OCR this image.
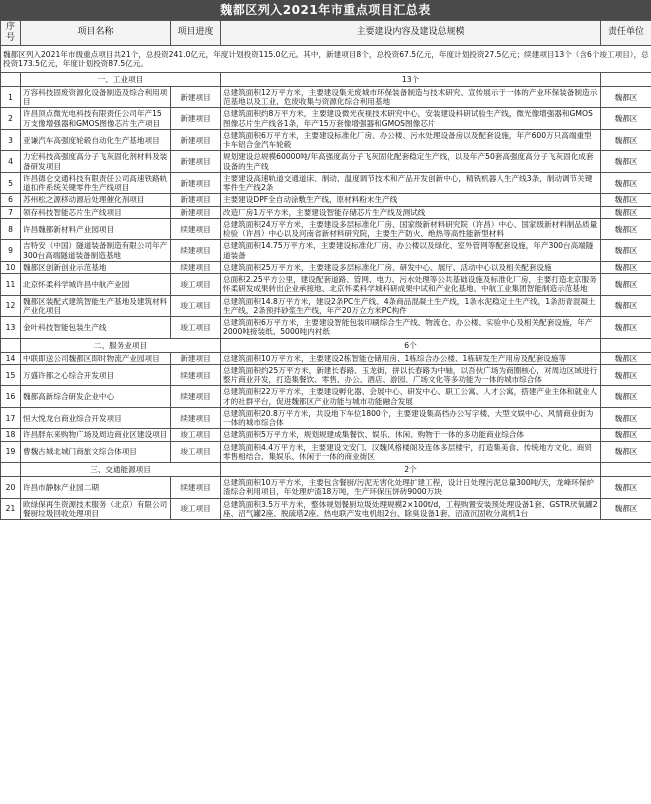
魏都区列入2021年市重点项目汇总表
序号	项目名称	项目进度	主要建设内容及建设总规模	责任单位
魏都区列入2021年市级重点项目共21个，总投资241.0亿元，年度计划投资115.0亿元。其中，新建项目8个，总投资67.5亿元，年度计划投资27.5亿元；续建项目13个（含6个竣工项目），总投资173.5亿元，年度计划投资87.5亿元。				
	一、工业项目		13个	
1	万容科技固废资源化设备制造及综合利用项目	新建项目	总建筑面积12万平方米，主要建设集无废城市环保装备制造与技术研究、宣传展示于一体的产业环保装备制造示范基地以及工业、危废收集与资源化综合利用基地	魏都区
2	许昌顶点微光电科技有限责任公司年产15万支像增强器和GMOS图像芯片生产项目	新建项目	总建筑面积约8万平方米，主要建设微光夜视技术研究中心，安装建设科研试验生产线，微光像增强器和GMOS图像芯片生产线各1条，年产15万套像增强器和GMOS图像芯片	魏都区
3	亚谦汽车高强度轮毂自动化生产基地项目	新建项目	总建筑面积6万平方米，主要建设标准化厂房、办公楼、污水处理设备房以及配套设施，年产600万只高端重型卡车铝合金汽车轮毂	魏都区
4	力宏科技高强度高分子飞灰固化剂材料及装备研发项目	新建项目	规划建设总规模60000吨/年高强度高分子飞灰固化配套稳定生产线，以及年产50套高强度高分子飞灰固化成套设备的生产线	魏都区
5	许昌德仑交通科技有限责任公司高速铁路轨道扣件系统关键零件生产线项目	新建项目	主要建设高速轨道交通道床、制动、温度调节技术和产品开发创新中心，精铣机器人生产线3条，制动调节关键零件生产线2条	魏都区
6	苏州松之源移动源后处理催化剂项目	新建项目	主要建设DPF全自动涂敷生产线、原材料粉末生产线	魏都区
7	领存科技智能芯片生产线项目	新建项目	改造厂房1万平方米，主要建设智能存储芯片生产线及测试线	魏都区
8	许昌魏都新材料产业园项目	续建项目	总建筑面积24万平方米，主要建设多层标准化厂房、国家级新材料研究院（许昌）中心、国家级新材料制品质量检验（许昌）中心以及河南省新材料研究院，主要生产防火、绝热等高性能新型材料	魏都区
9	吉特安（中国）隧道装备制造有限公司年产300台高端隧道装备制造基地	续建项目	总建筑面积14.75万平方米，主要建设标准化厂房、办公楼以及绿化、室外管网等配套设施，年产300台高端隧道装备	魏都区
10	魏都区创新创业示范基地	续建项目	总建筑面积25万平方米，主要建设多层标准化厂房、研发中心、展厅、活动中心以及相关配套设施	魏都区
11	北京怀柔科学城许昌中航产业园	竣工项目	总面积2.25平方公里，建设配套道路、管网、电力、污水处理等公共基础设施及标准化厂房，主要打造北京服务怀柔研发成果转出企业承接地、北京怀柔科学城科研成果中试和产业化基地、中航工业集团智能制造示范基地	魏都区
12	魏都区装配式建筑智能生产基地及建筑材料产业化项目	竣工项目	总建筑面积14.8万平方米，建设2条PC生产线、4条商品混凝土生产线，1条水泥稳定土生产线，1条沥青混凝土生产线，2条预拌砂浆生产线，年产20万立方米PC构件	魏都区
13	金叶科技智能包装生产线	竣工项目	总建筑面积6万平方米，主要建设智能包装印刷综合生产线、物流仓、办公楼、实验中心及相关配套设施，年产2000吨接装纸、5000吨内衬纸	魏都区
	二、服务业项目		6个	
14	中联即送公司魏都区即时物流产业园项目	新建项目	总建筑面积10万平方米，主要建设2栋智能仓储用房、1栋综合办公楼、1栋研发生产用房及配套设施等	魏都区
15	万盛许都之心综合开发项目	续建项目	总建筑面积约25万平方米，新建长春路、玉龙街，拼以长春路为中轴，以吾伙广场为商圈核心，对周边区域进行整片商业开发，打造集餐饮、零售、办公、酒店、游园、广场文化等多功能为一体的城市综合体	魏都区
16	魏都高新综合研发企业中心	续建项目	总建筑面积22万平方米，主要建设孵化器、会展中心、研发中心、职工公寓、人才公寓，搭建产业主体和就业人才的社群平台，促进魏都区产业功能与城市功能融合发展	魏都区
17	恒大悦龙台商业综合开发项目	续建项目	总建筑面积20.8万平方米，共设地下车位1800个，主要建设集高档办公写字楼、大型文娱中心、风情商业街为一体的城市综合体	魏都区
18	许昌胖东来购物广场及周边商业区建设项目	竣工项目	总建筑面积5万平方米，规划规建成集餐饮、娱乐、休闲、购物于一体的多功能商业综合体	魏都区
19	曹魏古城北城门商旅文综合体项目	竣工项目	总建筑面积4.4万平方米，主要建设文安门、汉魏风格楼阁及连体多层楼宇，打造集美食、传统地方文化、商贸零售相结合、集娱乐、休闲于一体的商业街区	魏都区
	三、交通能源项目		2个	
20	许昌市静脉产业园二期	续建项目	总建筑面积10万平方米，主要包含餐厨/污泥无害化处理扩建工程，设计日处理污泥总量300吨/天，龙峰环保炉渣综合利用项目，年处理炉渣18万吨，生产环保压饼砖9000万块	魏都区
21	欧绿保再生资源技术服务（北京）有限公司餐厨垃圾回收处理项目	竣工项目	总建筑面积3.5万平方米，整体规划餐厨垃圾处理规模2×100t/d，工程购置安装预处理设备1套、GSTR厌氧罐2座、沼气罐2座、脱硫塔2座、热电联产发电机组2台、除臭设备1套、沼渣沉固收分离机1台	魏都区
